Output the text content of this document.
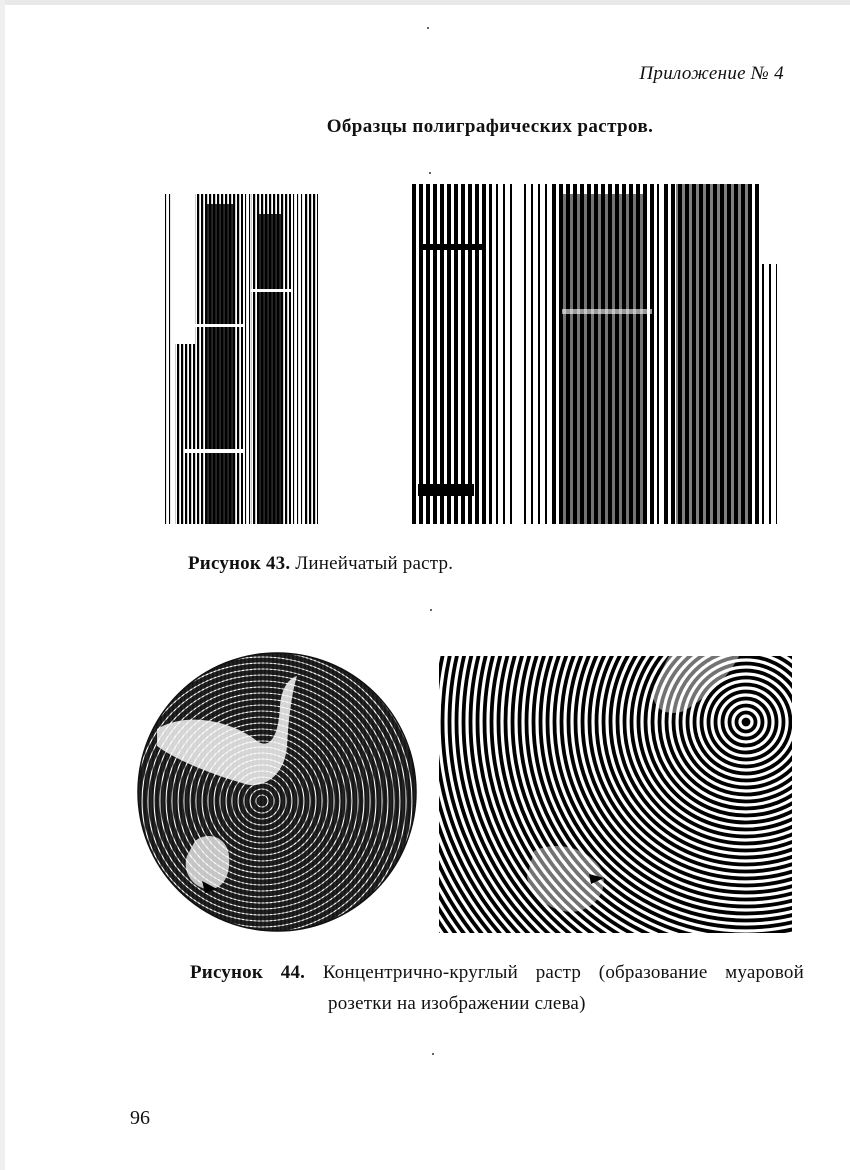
Приложение № 4
Образцы полиграфических растров.
Рисунок 43. Линейчатый растр.
Рисунок 44. Концентрично-круглый растр (образование муаровой
розетки на изображении слева)
96
